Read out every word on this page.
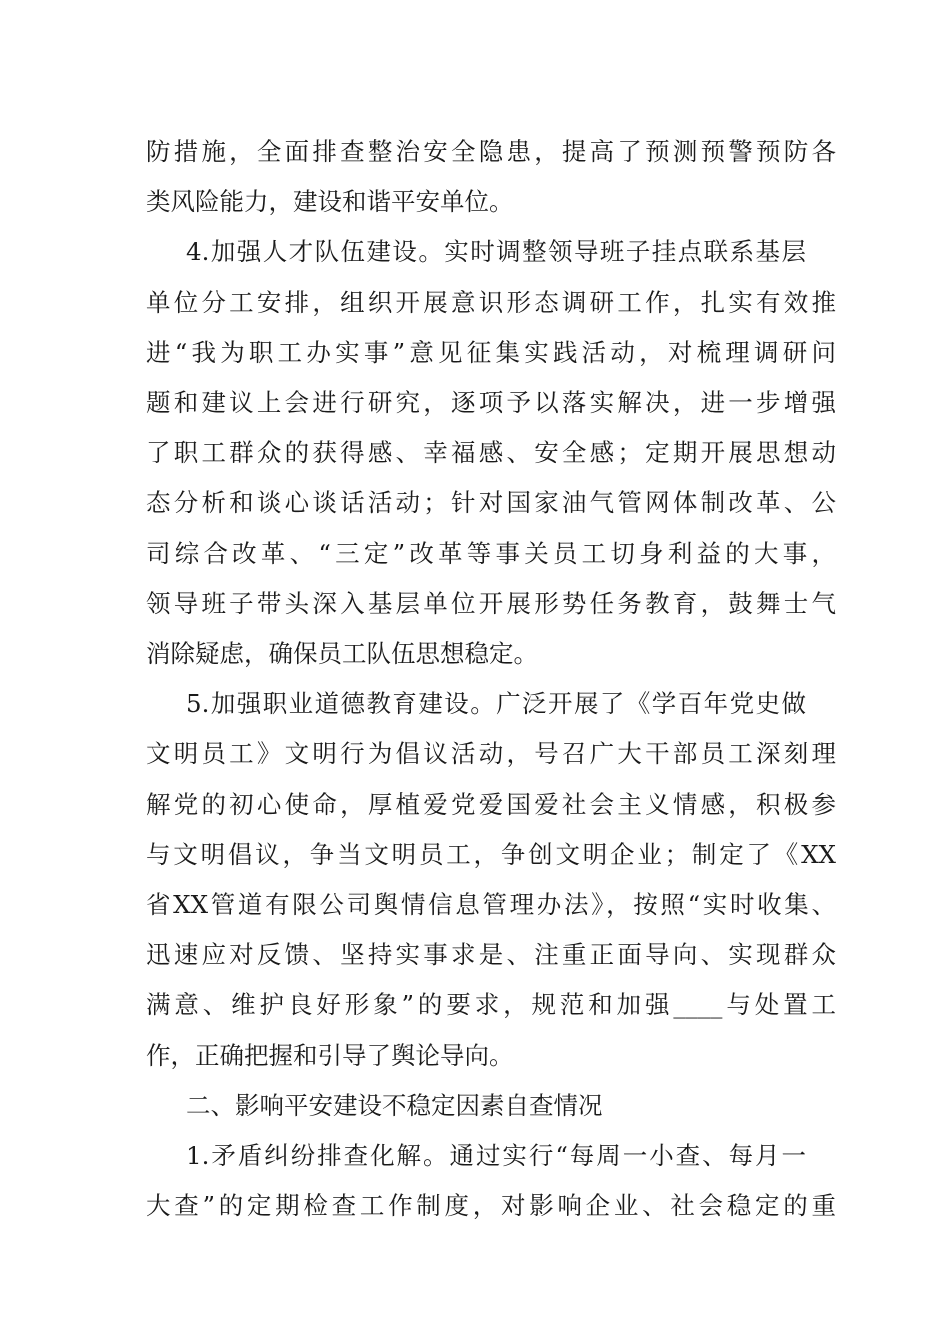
防措施，全面排查整治安全隐患，提高了预测预警预防各
类风险能力，建设和谐平安单位。
4.加强人才队伍建设。实时调整领导班子挂点联系基层
单位分工安排，组织开展意识形态调研工作，扎实有效推
进“我为职工办实事”意见征集实践活动，对梳理调研问
题和建议上会进行研究，逐项予以落实解决，进一步增强
了职工群众的获得感、幸福感、安全感；定期开展思想动
态分析和谈心谈话活动；针对国家油气管网体制改革、公
司综合改革、“三定”改革等事关员工切身利益的大事，
领导班子带头深入基层单位开展形势任务教育，鼓舞士气
消除疑虑，确保员工队伍思想稳定。
5.加强职业道德教育建设。广泛开展了《学百年党史做
文明员工》文明行为倡议活动，号召广大干部员工深刻理
解党的初心使命，厚植爱党爱国爱社会主义情感，积极参
与文明倡议，争当文明员工，争创文明企业；制定了《XX
省XX管道有限公司舆情信息管理办法》，按照“实时收集、
迅速应对反馈、坚持实事求是、注重正面导向、实现群众
满意、维护良好形象”的要求，规范和加强____与处置工
作，正确把握和引导了舆论导向。
二、影响平安建设不稳定因素自查情况
1.矛盾纠纷排查化解。通过实行“每周一小查、每月一
大查”的定期检查工作制度，对影响企业、社会稳定的重
